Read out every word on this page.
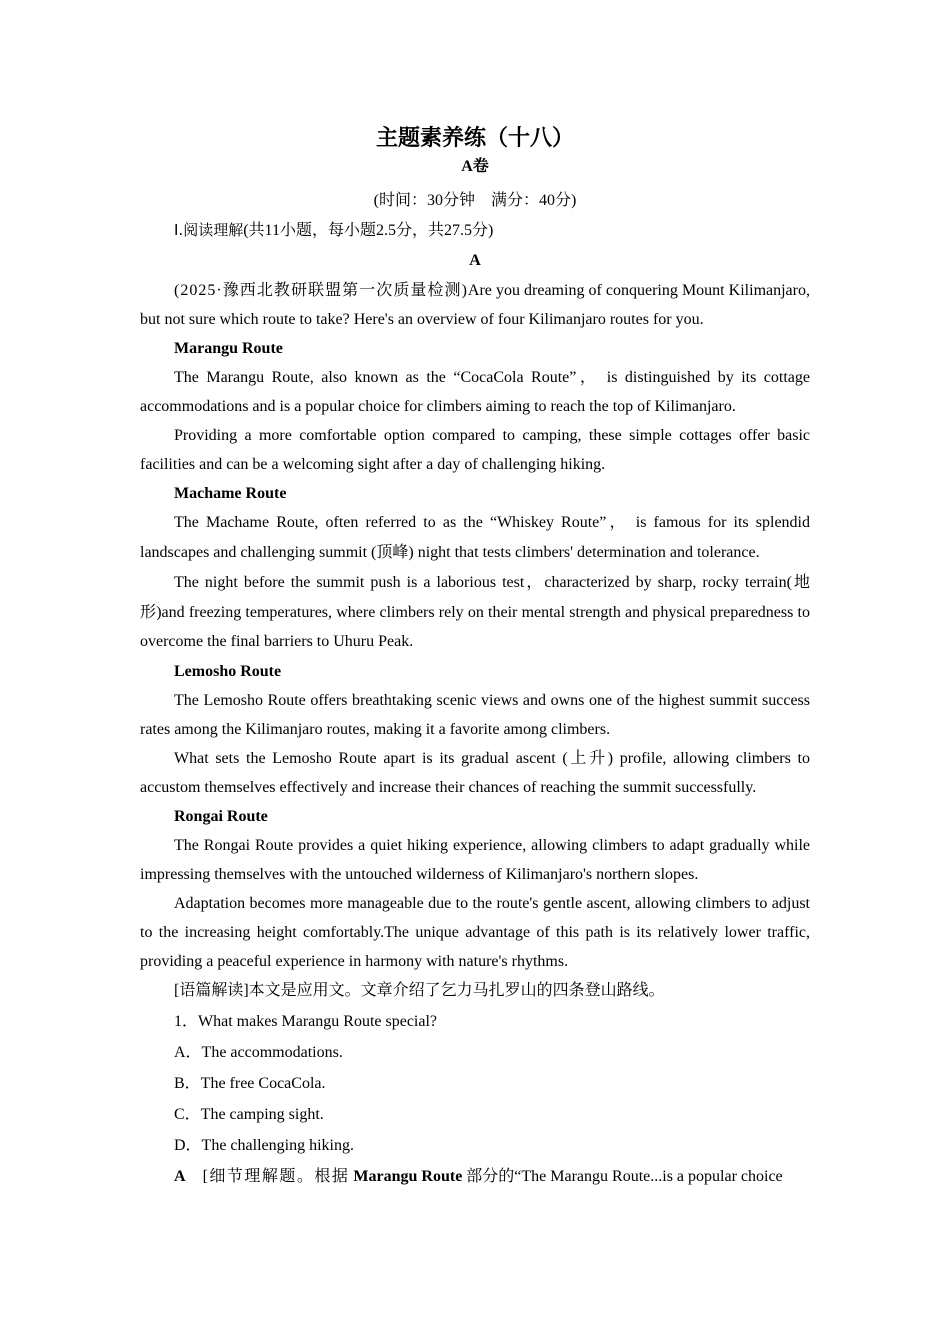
主题素养练（十八）

A卷

(时间：30分钟　满分：40分)

Ⅰ.阅读理解(共11小题，每小题2.5分，共27.5分)

A

(2025·豫西北教研联盟第一次质量检测)Are you dreaming of conquering Mount Kilimanjaro, but not sure which route to take? Here's an overview of four Kilimanjaro routes for you.

Marangu Route

The Marangu Route, also known as the “CocaCola Route”， is distinguished by its cottage accommodations and is a popular choice for climbers aiming to reach the top of Kilimanjaro.

Providing a more comfortable option compared to camping, these simple cottages offer basic facilities and can be a welcoming sight after a day of challenging hiking.

Machame Route

The Machame Route, often referred to as the “Whiskey Route”， is famous for its splendid landscapes and challenging summit (顶峰) night that tests climbers' determination and tolerance.

The night before the summit push is a laborious test，characterized by sharp, rocky terrain(地形)and freezing temperatures, where climbers rely on their mental strength and physical preparedness to overcome the final barriers to Uhuru Peak.

Lemosho Route

The Lemosho Route offers breathtaking scenic views and owns one of the highest summit success rates among the Kilimanjaro routes, making it a favorite among climbers.

What sets the Lemosho Route apart is its gradual ascent (上升) profile, allowing climbers to accustom themselves effectively and increase their chances of reaching the summit successfully.

Rongai Route

The Rongai Route provides a quiet hiking experience, allowing climbers to adapt gradually while impressing themselves with the untouched wilderness of Kilimanjaro's northern slopes.

Adaptation becomes more manageable due to the route's gentle ascent, allowing climbers to adjust to the increasing height comfortably.The unique advantage of this path is its relatively lower traffic, providing a peaceful experience in harmony with nature's rhythms.

[语篇解读]本文是应用文。文章介绍了乞力马扎罗山的四条登山路线。

1．What makes Marangu Route special?

A．The accommodations.

B．The free CocaCola.

C．The camping sight.

D．The challenging hiking.

A [细节理解题。根据 Marangu Route 部分的“The Marangu Route...is a popular choice
